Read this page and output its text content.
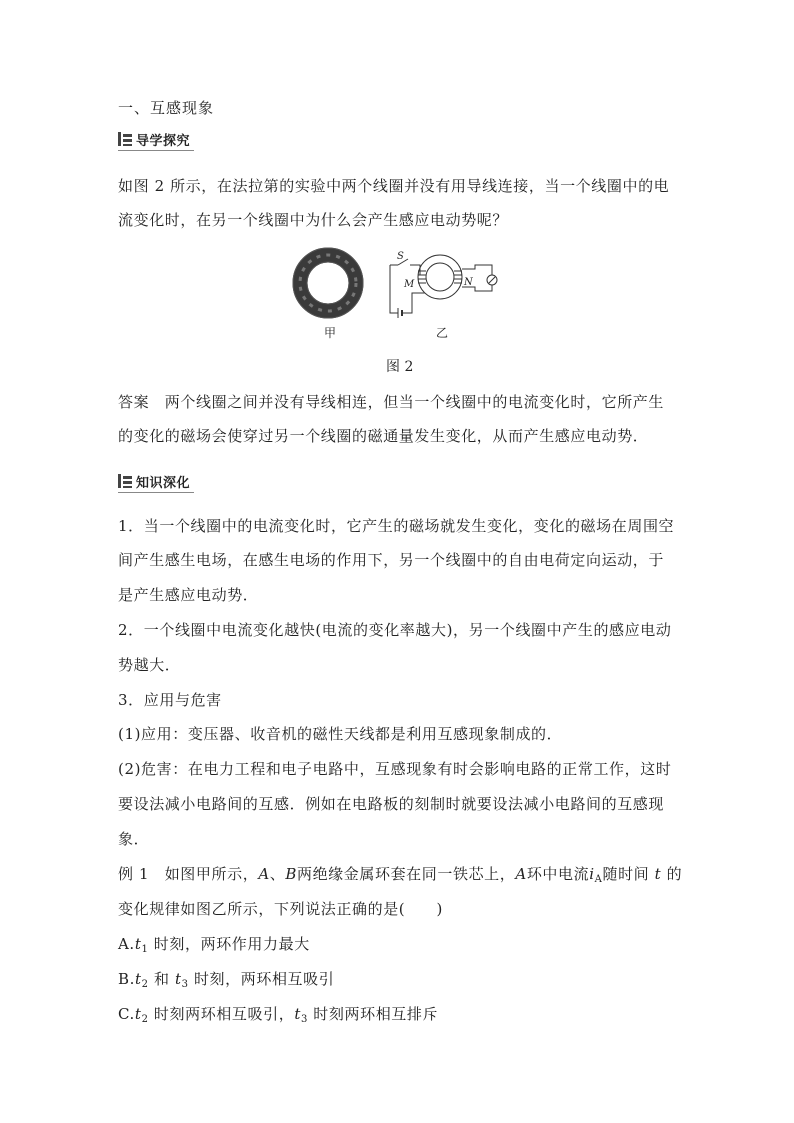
一、互感现象
导学探究
如图 2 所示，在法拉第的实验中两个线圈并没有用导线连接，当一个线圈中的电
流变化时，在另一个线圈中为什么会产生感应电动势呢？
甲
S
M	N
乙
图 2
答案　两个线圈之间并没有导线相连，但当一个线圈中的电流变化时，它所产生
的变化的磁场会使穿过另一个线圈的磁通量发生变化，从而产生感应电动势．
知识深化
1．当一个线圈中的电流变化时，它产生的磁场就发生变化，变化的磁场在周围空
间产生感生电场，在感生电场的作用下，另一个线圈中的自由电荷定向运动，于
是产生感应电动势．
2．一个线圈中电流变化越快(电流的变化率越大)，另一个线圈中产生的感应电动
势越大．
3．应用与危害
(1)应用：变压器、收音机的磁性天线都是利用互感现象制成的．
(2)危害：在电力工程和电子电路中，互感现象有时会影响电路的正常工作，这时
要设法减小电路间的互感．例如在电路板的刻制时就要设法减小电路间的互感现
象．
例 1　如图甲所示，A、B两绝缘金属环套在同一铁芯上，A环中电流$i_A$随时间 t 的
变化规律如图乙所示，下列说法正确的是(　　)
$A.t_1$ 时刻，两环作用力最大
$B.t_2$ 和 $t_3$ 时刻，两环相互吸引
$C.t_2$ 时刻两环相互吸引，$t_3$ 时刻两环相互排斥
